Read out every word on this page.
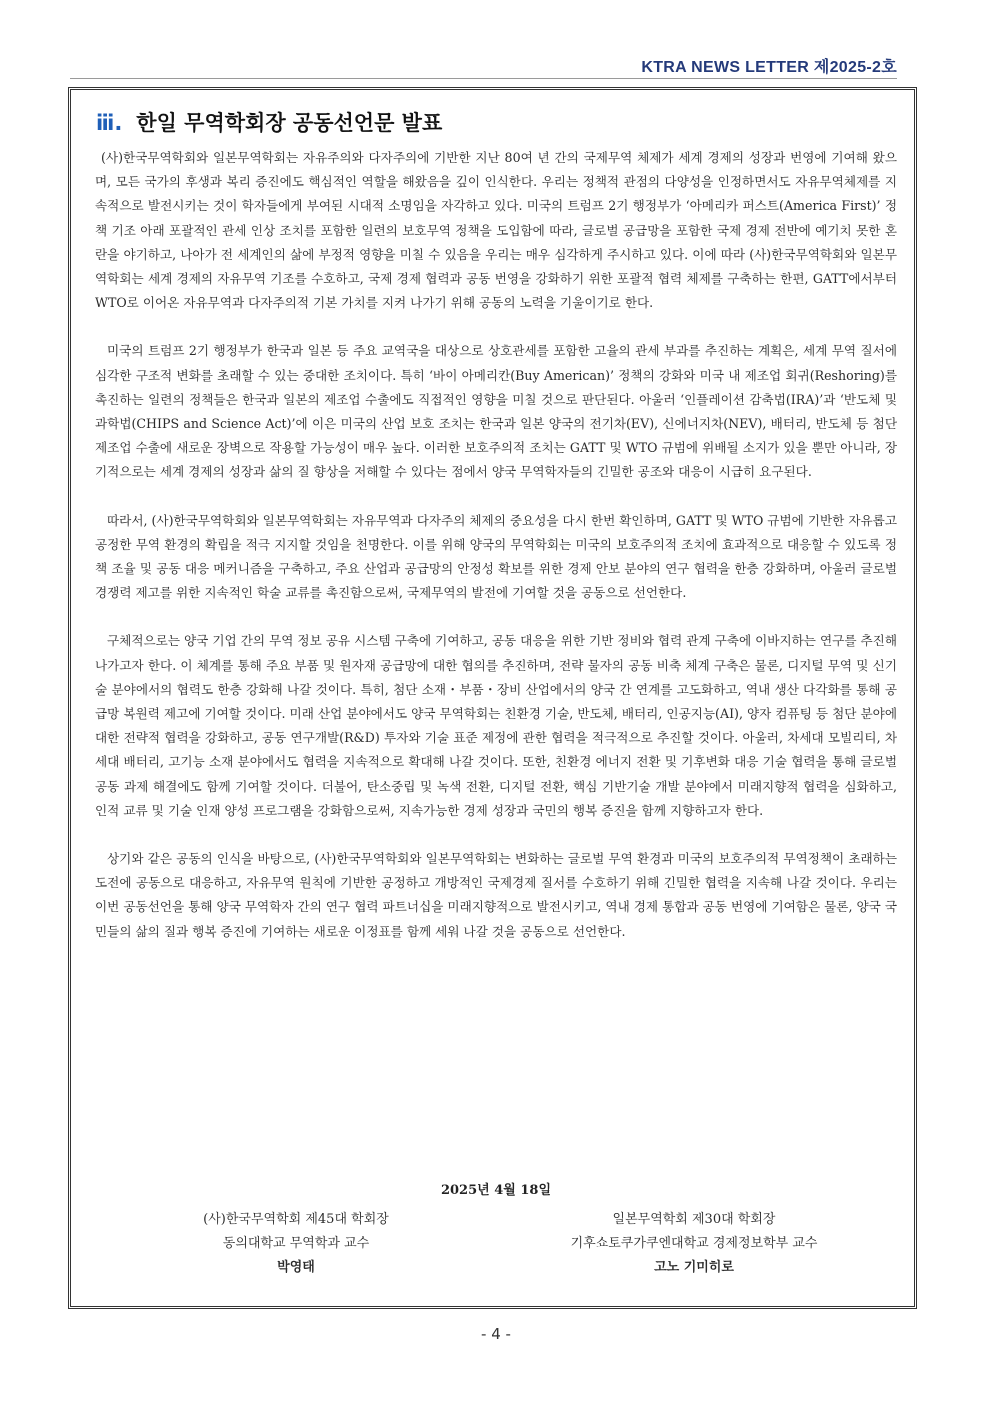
KTRA NEWS LETTER 제2025-2호
ⅲ. 한일 무역학회장 공동선언문 발표

(사)한국무역학회와 일본무역학회는 자유주의와 다자주의에 기반한 지난 80여 년 간의 국제무역 체제가 세계 경제의 성장과 번영에 기여해 왔으며, 모든 국가의 후생과 복리 증진에도 핵심적인 역할을 해왔음을 깊이 인식한다. 우리는 정책적 관점의 다양성을 인정하면서도 자유무역체제를 지속적으로 발전시키는 것이 학자들에게 부여된 시대적 소명임을 자각하고 있다. 미국의 트럼프 2기 행정부가 ‘아메리카 퍼스트(America First)’ 정책 기조 아래 포괄적인 관세 인상 조치를 포함한 일련의 보호무역 정책을 도입함에 따라, 글로벌 공급망을 포함한 국제 경제 전반에 예기치 못한 혼란을 야기하고, 나아가 전 세계인의 삶에 부정적 영향을 미칠 수 있음을 우리는 매우 심각하게 주시하고 있다. 이에 따라 (사)한국무역학회와 일본무역학회는 세계 경제의 자유무역 기조를 수호하고, 국제 경제 협력과 공동 번영을 강화하기 위한 포괄적 협력 체제를 구축하는 한편, GATT에서부터 WTO로 이어온 자유무역과 다자주의적 기본 가치를 지켜 나가기 위해 공동의 노력을 기울이기로 한다.

미국의 트럼프 2기 행정부가 한국과 일본 등 주요 교역국을 대상으로 상호관세를 포함한 고율의 관세 부과를 추진하는 계획은, 세계 무역 질서에 심각한 구조적 변화를 초래할 수 있는 중대한 조치이다. 특히 ‘바이 아메리칸(Buy American)’ 정책의 강화와 미국 내 제조업 회귀(Reshoring)를 촉진하는 일련의 정책들은 한국과 일본의 제조업 수출에도 직접적인 영향을 미칠 것으로 판단된다. 아울러 ‘인플레이션 감축법(IRA)’과 ‘반도체 및 과학법(CHIPS and Science Act)’에 이은 미국의 산업 보호 조치는 한국과 일본 양국의 전기차(EV), 신에너지차(NEV), 배터리, 반도체 등 첨단 제조업 수출에 새로운 장벽으로 작용할 가능성이 매우 높다. 이러한 보호주의적 조치는 GATT 및 WTO 규범에 위배될 소지가 있을 뿐만 아니라, 장기적으로는 세계 경제의 성장과 삶의 질 향상을 저해할 수 있다는 점에서 양국 무역학자들의 긴밀한 공조와 대응이 시급히 요구된다.

따라서, (사)한국무역학회와 일본무역학회는 자유무역과 다자주의 체제의 중요성을 다시 한번 확인하며, GATT 및 WTO 규범에 기반한 자유롭고 공정한 무역 환경의 확립을 적극 지지할 것임을 천명한다. 이를 위해 양국의 무역학회는 미국의 보호주의적 조치에 효과적으로 대응할 수 있도록 정책 조율 및 공동 대응 메커니즘을 구축하고, 주요 산업과 공급망의 안정성 확보를 위한 경제 안보 분야의 연구 협력을 한층 강화하며, 아울러 글로벌 경쟁력 제고를 위한 지속적인 학술 교류를 촉진함으로써, 국제무역의 발전에 기여할 것을 공동으로 선언한다.

구체적으로는 양국 기업 간의 무역 정보 공유 시스템 구축에 기여하고, 공동 대응을 위한 기반 정비와 협력 관계 구축에 이바지하는 연구를 추진해 나가고자 한다. 이 체계를 통해 주요 부품 및 원자재 공급망에 대한 협의를 추진하며, 전략 물자의 공동 비축 체계 구축은 물론, 디지털 무역 및 신기술 분야에서의 협력도 한층 강화해 나갈 것이다. 특히, 첨단 소재・부품・장비 산업에서의 양국 간 연계를 고도화하고, 역내 생산 다각화를 통해 공급망 복원력 제고에 기여할 것이다. 미래 산업 분야에서도 양국 무역학회는 친환경 기술, 반도체, 배터리, 인공지능(AI), 양자 컴퓨팅 등 첨단 분야에 대한 전략적 협력을 강화하고, 공동 연구개발(R&D) 투자와 기술 표준 제정에 관한 협력을 적극적으로 추진할 것이다. 아울러, 차세대 모빌리티, 차세대 배터리, 고기능 소재 분야에서도 협력을 지속적으로 확대해 나갈 것이다. 또한, 친환경 에너지 전환 및 기후변화 대응 기술 협력을 통해 글로벌 공동 과제 해결에도 함께 기여할 것이다. 더불어, 탄소중립 및 녹색 전환, 디지털 전환, 핵심 기반기술 개발 분야에서 미래지향적 협력을 심화하고, 인적 교류 및 기술 인재 양성 프로그램을 강화함으로써, 지속가능한 경제 성장과 국민의 행복 증진을 함께 지향하고자 한다.

상기와 같은 공동의 인식을 바탕으로, (사)한국무역학회와 일본무역학회는 변화하는 글로벌 무역 환경과 미국의 보호주의적 무역정책이 초래하는 도전에 공동으로 대응하고, 자유무역 원칙에 기반한 공정하고 개방적인 국제경제 질서를 수호하기 위해 긴밀한 협력을 지속해 나갈 것이다. 우리는 이번 공동선언을 통해 양국 무역학자 간의 연구 협력 파트너십을 미래지향적으로 발전시키고, 역내 경제 통합과 공동 번영에 기여함은 물론, 양국 국민들의 삶의 질과 행복 증진에 기여하는 새로운 이정표를 함께 세워 나갈 것을 공동으로 선언한다.

2025년 4월 18일
(사)한국무역학회 제45대 학회장
동의대학교 무역학과 교수
박영태
일본무역학회 제30대 학회장
기후쇼토쿠가쿠엔대학교 경제정보학부 교수
고노 기미히로
- 4 -
